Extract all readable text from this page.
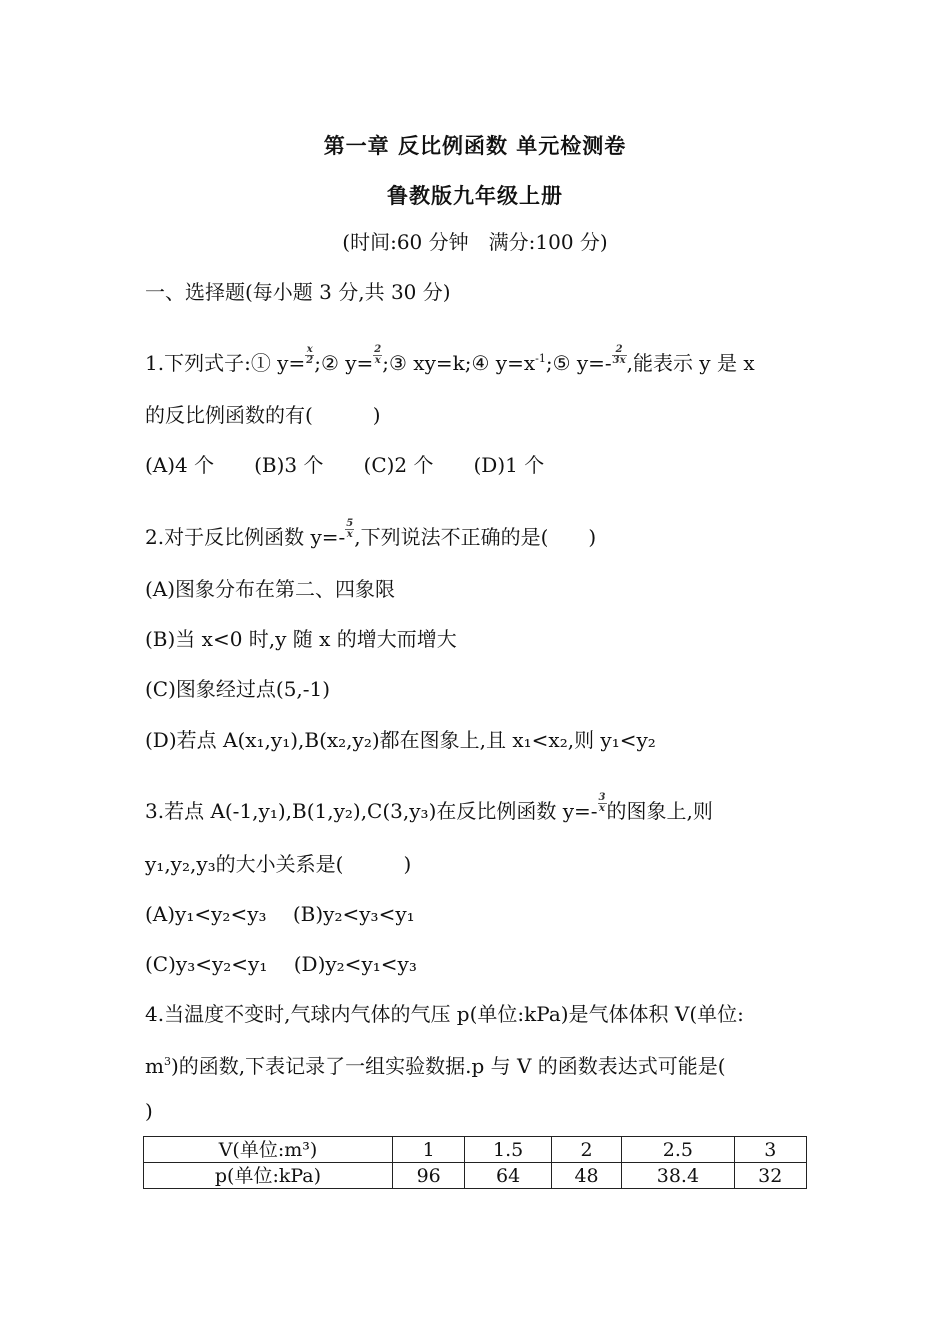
第一章 反比例函数 单元检测卷
鲁教版九年级上册
(时间:60 分钟　满分:100 分)
一、选择题(每小题 3 分,共 30 分)
1.下列式子:① $y= \frac{x}{2}$ ;② $y= \frac{2}{x}$ ;③ xy=k;④ $y=x^{-1};⑤$ $y=- \frac{2}{3x}$ ,能表示 y 是 x
的反比例函数的有(　　　)
(A)4 个　　(B)3 个　　(C)2 个　　(D)1 个
2.对于反比例函数 $y=- \frac{5}{x}$ ,下列说法不正确的是(　　)
(A)图象分布在第二、四象限
(B)当 x<0 时,y 随 x 的增大而增大
(C)图象经过点(5,-1)
(D)若点 A(x₁,y₁),B(x₂,y₂)都在图象上,且 x₁<x₂,则 y₁<y₂
3.若点 A(-1,y₁),B(1,y₂),C(3,y₃)在反比例函数 $y=- \frac{3}{x}$ 的图象上,则
y₁,y₂,y₃的大小关系是(　　　)
(A)y₁<y₂<y₃　 (B)y₂<y₃<y₁
(C)y₃<y₂<y₁　 (D)y₂<y₁<y₃
4.当温度不变时,气球内气体的气压 p(单位:kPa)是气体体积 V(单位:
$m^3$)的函数,下表记录了一组实验数据.p 与 V 的函数表达式可能是(
)
V(单位:m³)	1	1.5	2	2.5	3
p(单位:kPa)	96	64	48	38.4	32
